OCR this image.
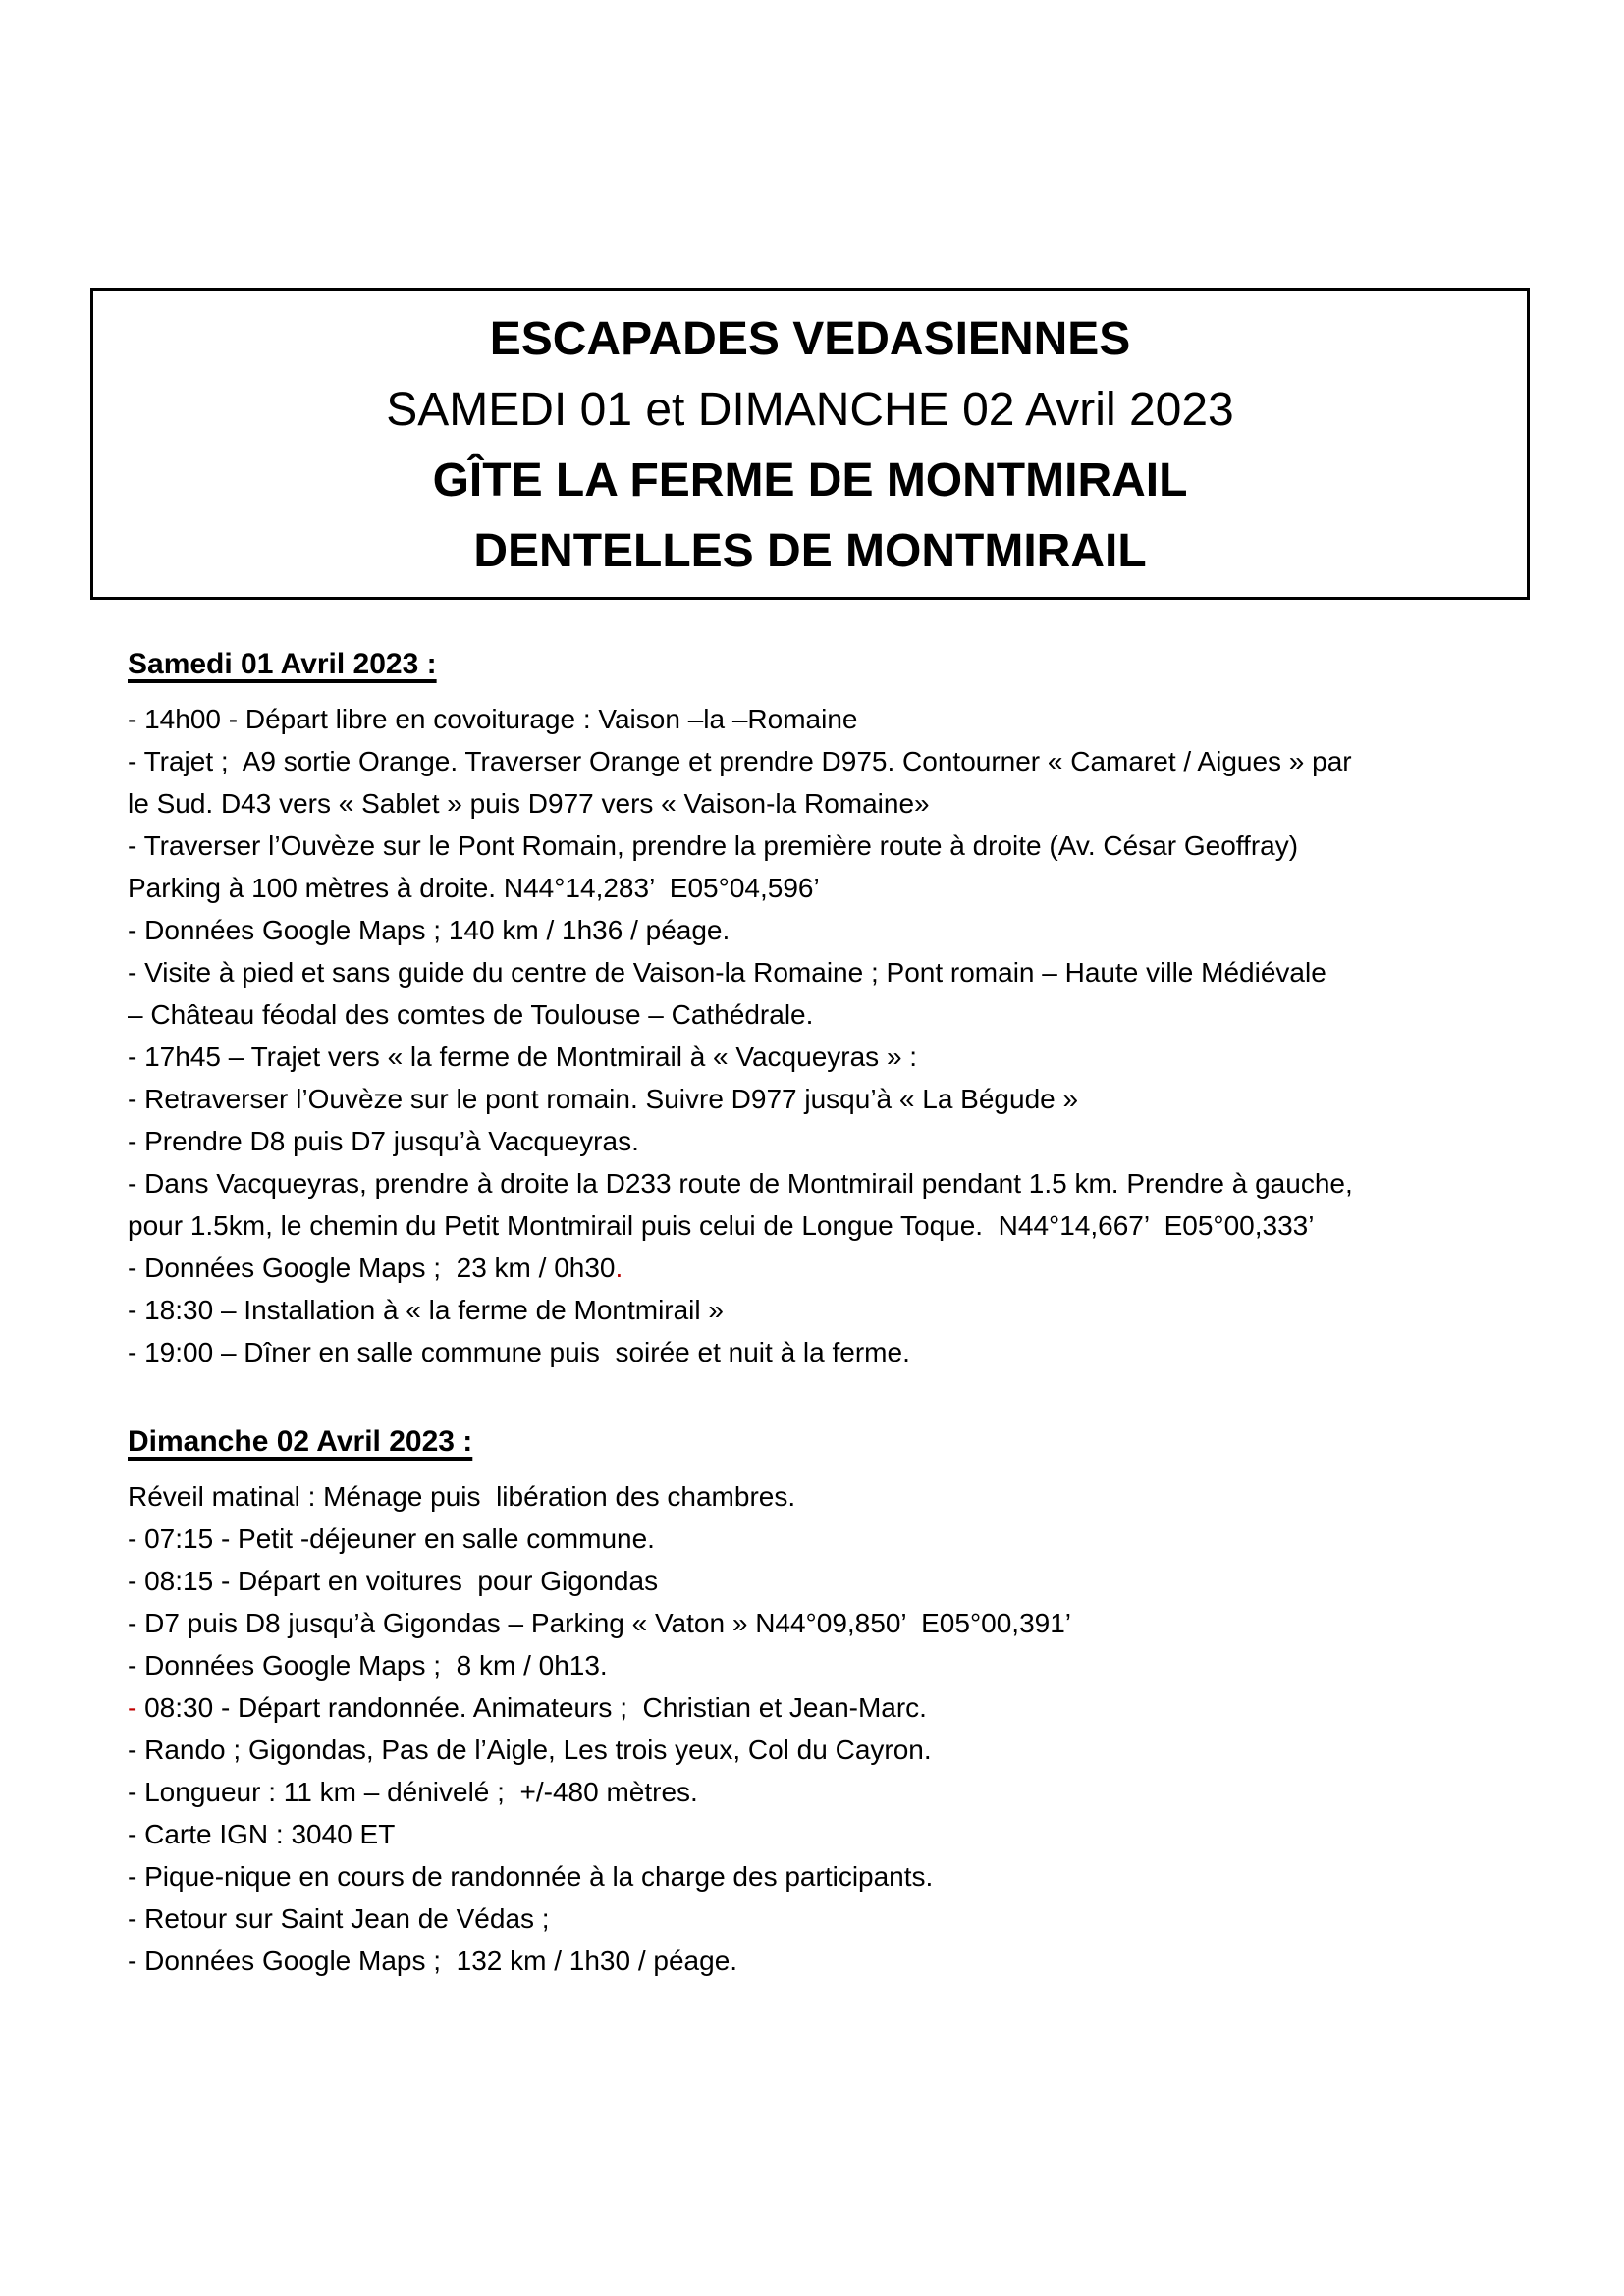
ESCAPADES VEDASIENNES
SAMEDI 01 et DIMANCHE 02 Avril 2023
GÎTE LA FERME DE MONTMIRAIL
DENTELLES DE MONTMIRAIL
Samedi 01 Avril 2023 :
- 14h00 - Départ libre en covoiturage : Vaison –la –Romaine
- Trajet ;  A9 sortie Orange. Traverser Orange et prendre D975. Contourner « Camaret / Aigues » par
le Sud. D43 vers « Sablet » puis D977 vers « Vaison-la Romaine»
- Traverser l’Ouvèze sur le Pont Romain, prendre la première route à droite (Av. César Geoffray)
Parking à 100 mètres à droite. N44°14,283’  E05°04,596’
- Données Google Maps ; 140 km / 1h36 / péage.
- Visite à pied et sans guide du centre de Vaison-la Romaine ; Pont romain – Haute ville Médiévale
– Château féodal des comtes de Toulouse – Cathédrale.
- 17h45 – Trajet vers « la ferme de Montmirail à « Vacqueyras » :
- Retraverser l’Ouvèze sur le pont romain. Suivre D977 jusqu’à « La Bégude »
- Prendre D8 puis D7 jusqu’à Vacqueyras.
- Dans Vacqueyras, prendre à droite la D233 route de Montmirail pendant 1.5 km. Prendre à gauche,
pour 1.5km, le chemin du Petit Montmirail puis celui de Longue Toque.  N44°14,667’  E05°00,333’
- Données Google Maps ;  23 km / 0h30.
- 18:30 – Installation à « la ferme de Montmirail »
- 19:00 – Dîner en salle commune puis  soirée et nuit à la ferme.
Dimanche 02 Avril 2023 :
Réveil matinal : Ménage puis  libération des chambres.
- 07:15 - Petit -déjeuner en salle commune.
- 08:15 - Départ en voitures  pour Gigondas
- D7 puis D8 jusqu’à Gigondas – Parking « Vaton » N44°09,850’  E05°00,391’
- Données Google Maps ;  8 km / 0h13.
- 08:30 - Départ randonnée. Animateurs ;  Christian et Jean-Marc.
- Rando ; Gigondas, Pas de l’Aigle, Les trois yeux, Col du Cayron.
- Longueur : 11 km – dénivelé ;  +/-480 mètres.
- Carte IGN : 3040 ET
- Pique-nique en cours de randonnée à la charge des participants.
- Retour sur Saint Jean de Védas ;
- Données Google Maps ;  132 km / 1h30 / péage.
